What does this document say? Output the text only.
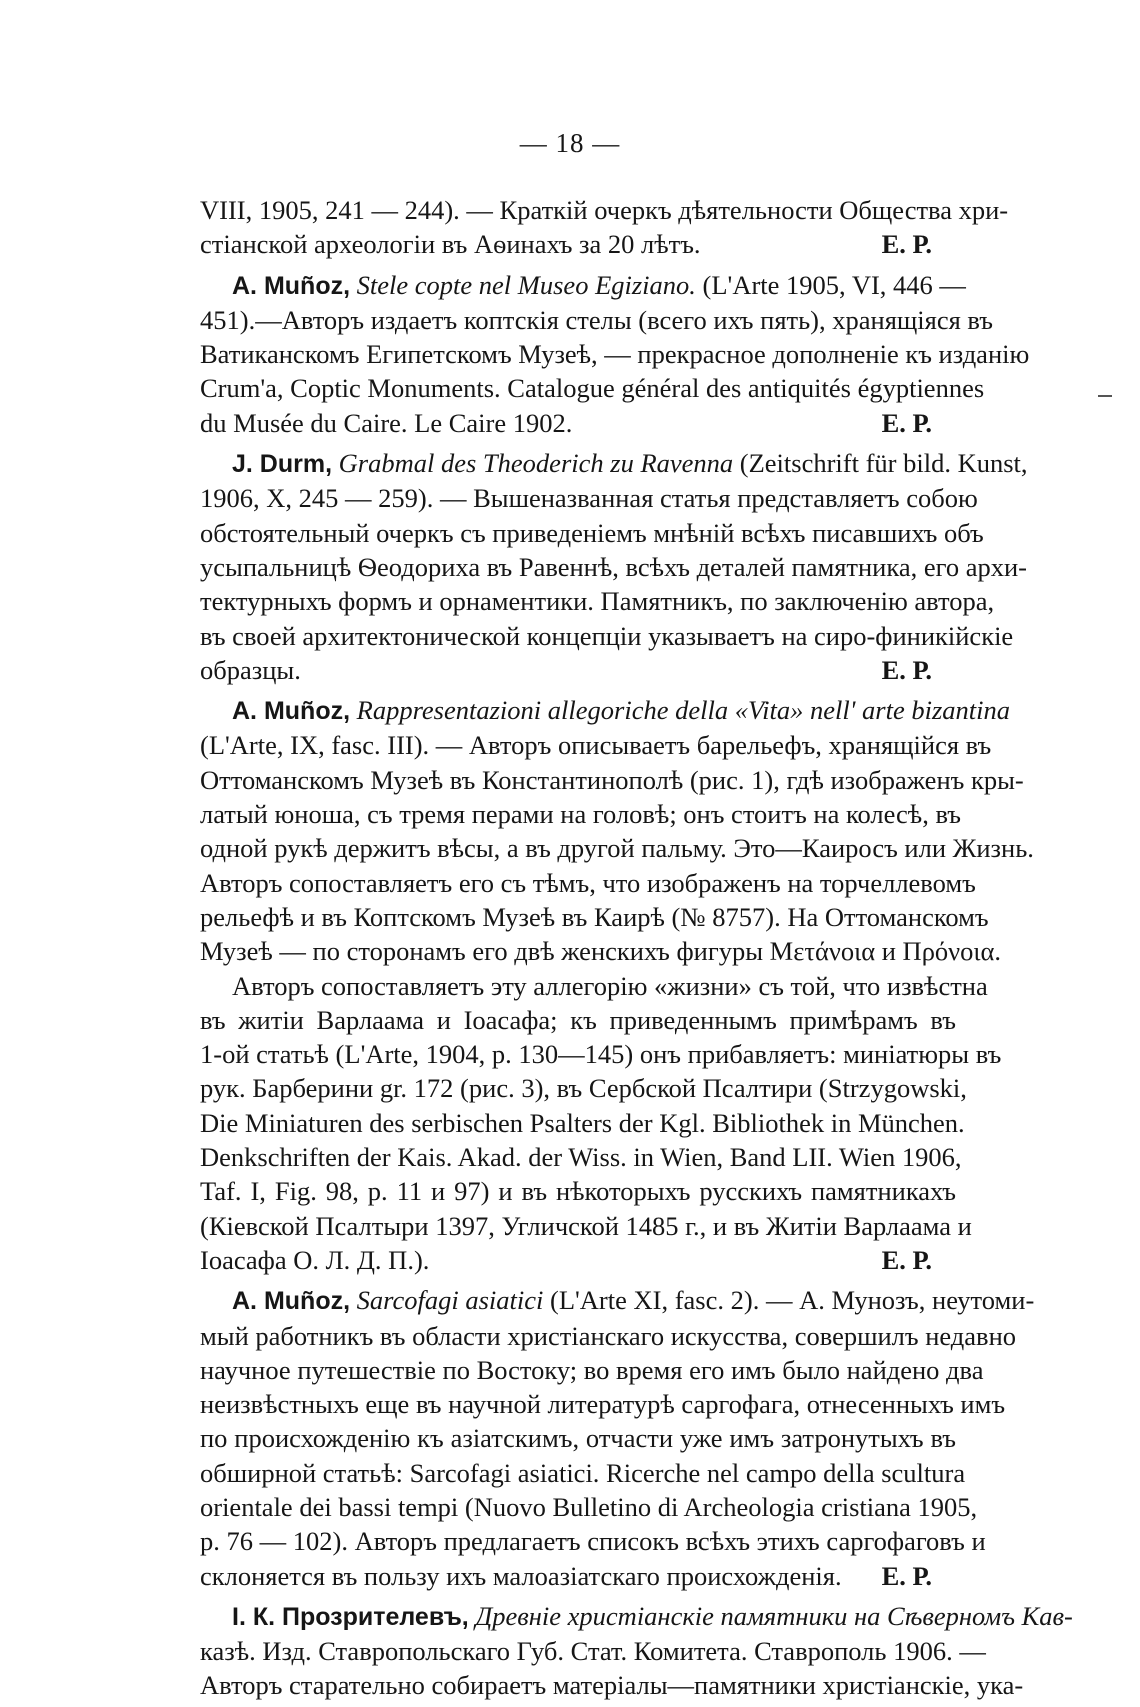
— 18 —
VIII, 1905, 241 — 244). — Краткій очеркъ дѣятельности Общества хри-
стіанской археологіи въ Аѳинахъ за 20 лѣтъ.	Е. Р.
А. Muñoz, Stele copte nel Museo Egiziano. (L'Arte 1905, VI, 446 —
451).—Авторъ издаетъ коптскія стелы (всего ихъ пять), хранящіяся въ
Ватиканскомъ Египетскомъ Музеѣ, — прекрасное дополненіе къ изданію
Crum'a, Coptic Monuments. Catalogue général des antiquités égyptiennes
du Musée du Caire. Le Caire 1902.	Е. Р.
J. Durm, Grabmal des Theoderich zu Ravenna (Zeitschrift für bild. Kunst,
1906, X, 245 — 259). — Вышеназванная статья представляетъ собою
обстоятельный очеркъ съ приведеніемъ мнѣній всѣхъ писавшихъ объ
усыпальницѣ Ѳеодориха въ Равеннѣ, всѣхъ деталей памятника, его архи-
тектурныхъ формъ и орнаментики. Памятникъ, по заключенію автора,
въ своей архитектонической концепціи указываетъ на сиро-финикійскіе
образцы.	Е. Р.
А. Muñoz, Rappresentazioni allegoriche della «Vita» nell' arte bizantina
(L'Arte, IX, fasc. III). — Авторъ описываетъ барельефъ, хранящійся въ
Оттоманскомъ Музеѣ въ Константинополѣ (рис. 1), гдѣ изображенъ кры-
латый юноша, съ тремя перами на головѣ; онъ стоитъ на колесѣ, въ
одной рукѣ держитъ вѣсы, а въ другой пальму. Это—Каиросъ или Жизнь.
Авторъ сопоставляетъ его съ тѣмъ, что изображенъ на торчеллевомъ
рельефѣ и въ Коптскомъ Музеѣ въ Каирѣ (№ 8757). На Оттоманскомъ
Музеѣ — по сторонамъ его двѣ женскихъ фигуры Μετάνοια и Πρόνοια.
Авторъ сопоставляетъ эту аллегорію «жизни» съ той, что извѣстна
въ житіи Варлаама и Іоасафа; къ приведеннымъ примѣрамъ въ
1-ой статьѣ (L'Arte, 1904, p. 130—145) онъ прибавляетъ: миніатюры въ
рук. Барберини gr. 172 (рис. 3), въ Сербской Псалтири (Strzygowski,
Die Miniaturen des serbischen Psalters der Kgl. Bibliothek in München.
Denkschriften der Kais. Akad. der Wiss. in Wien, Band LII. Wien 1906,
Taf. I, Fig. 98, p. 11 и 97) и въ нѣкоторыхъ русскихъ памятникахъ
(Кіевской Псалтыри 1397, Угличской 1485 г., и въ Житіи Варлаама и
Іоасафа О. Л. Д. П.).	Е. Р.
А. Muñoz, Sarcofagi asiatici (L'Arte XI, fasc. 2). — А. Мунозъ, неутоми-
мый работникъ въ области христіанскаго искусства, совершилъ недавно
научное путешествіе по Востоку; во время его имъ было найдено два
неизвѣстныхъ еще въ научной литературѣ саргофага, отнесенныхъ имъ
по происхожденію къ азіатскимъ, отчасти уже имъ затронутыхъ въ
обширной статьѣ: Sarcofagi asiatici. Ricerche nel campo della scultura
orientale dei bassi tempi (Nuovo Bulletino di Archeologia cristiana 1905,
p. 76 — 102). Авторъ предлагаетъ списокъ всѣхъ этихъ саргофаговъ и
склоняется въ пользу ихъ малоазіатскаго происхожденія. Е. Р.
І. К. Прозрителевъ, Древніе христіанскіе памятники на Сѣверномъ Кав-
казѣ. Изд. Ставропольскаго Губ. Стат. Комитета. Ставрополь 1906. —
Авторъ старательно собираетъ матеріалы—памятники христіанскіе, ука-
